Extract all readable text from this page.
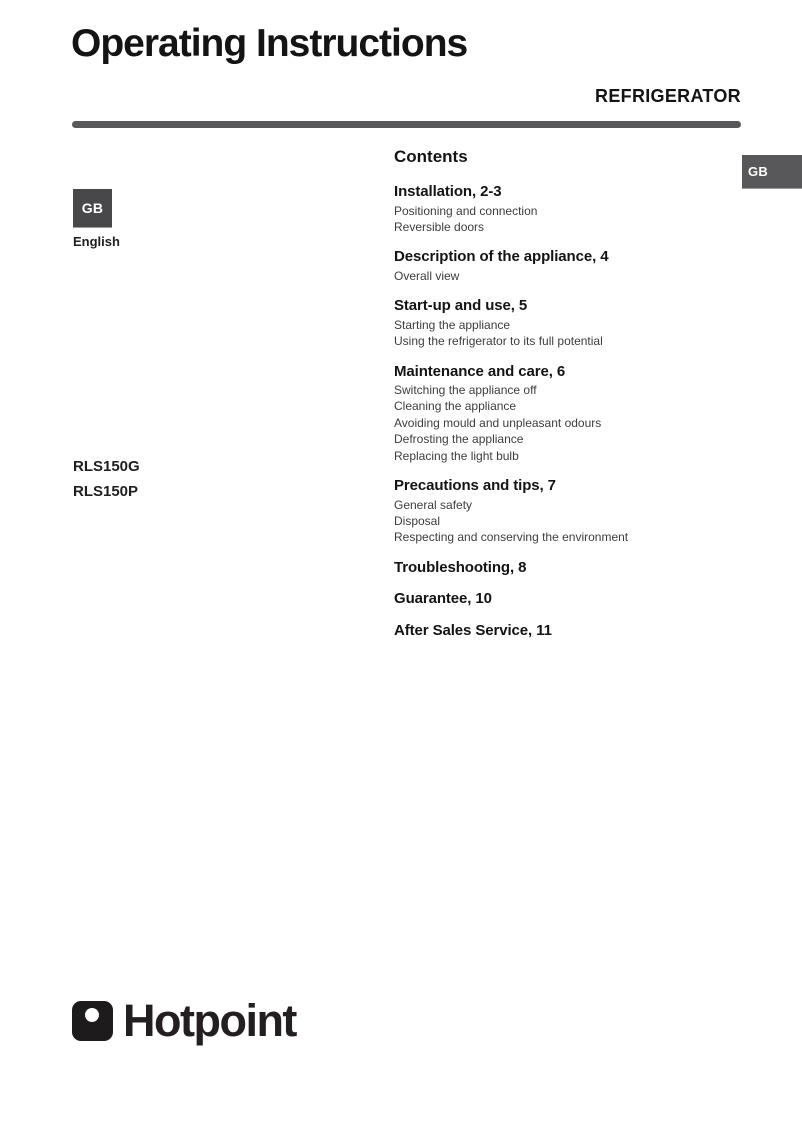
Operating Instructions
REFRIGERATOR
GB
GB

English

RLS150G
RLS150P
Contents
Installation, 2-3
Positioning and connection
Reversible doors
Description of the appliance, 4
Overall view
Start-up and use, 5
Starting the appliance
Using the refrigerator to its full potential
Maintenance and care, 6
Switching the appliance off
Cleaning the appliance
Avoiding mould and unpleasant odours
Defrosting the appliance
Replacing the light bulb
Precautions and tips, 7
General safety
Disposal
Respecting and conserving the environment
Troubleshooting, 8
Guarantee, 10
After Sales Service, 11

Hotpoint
